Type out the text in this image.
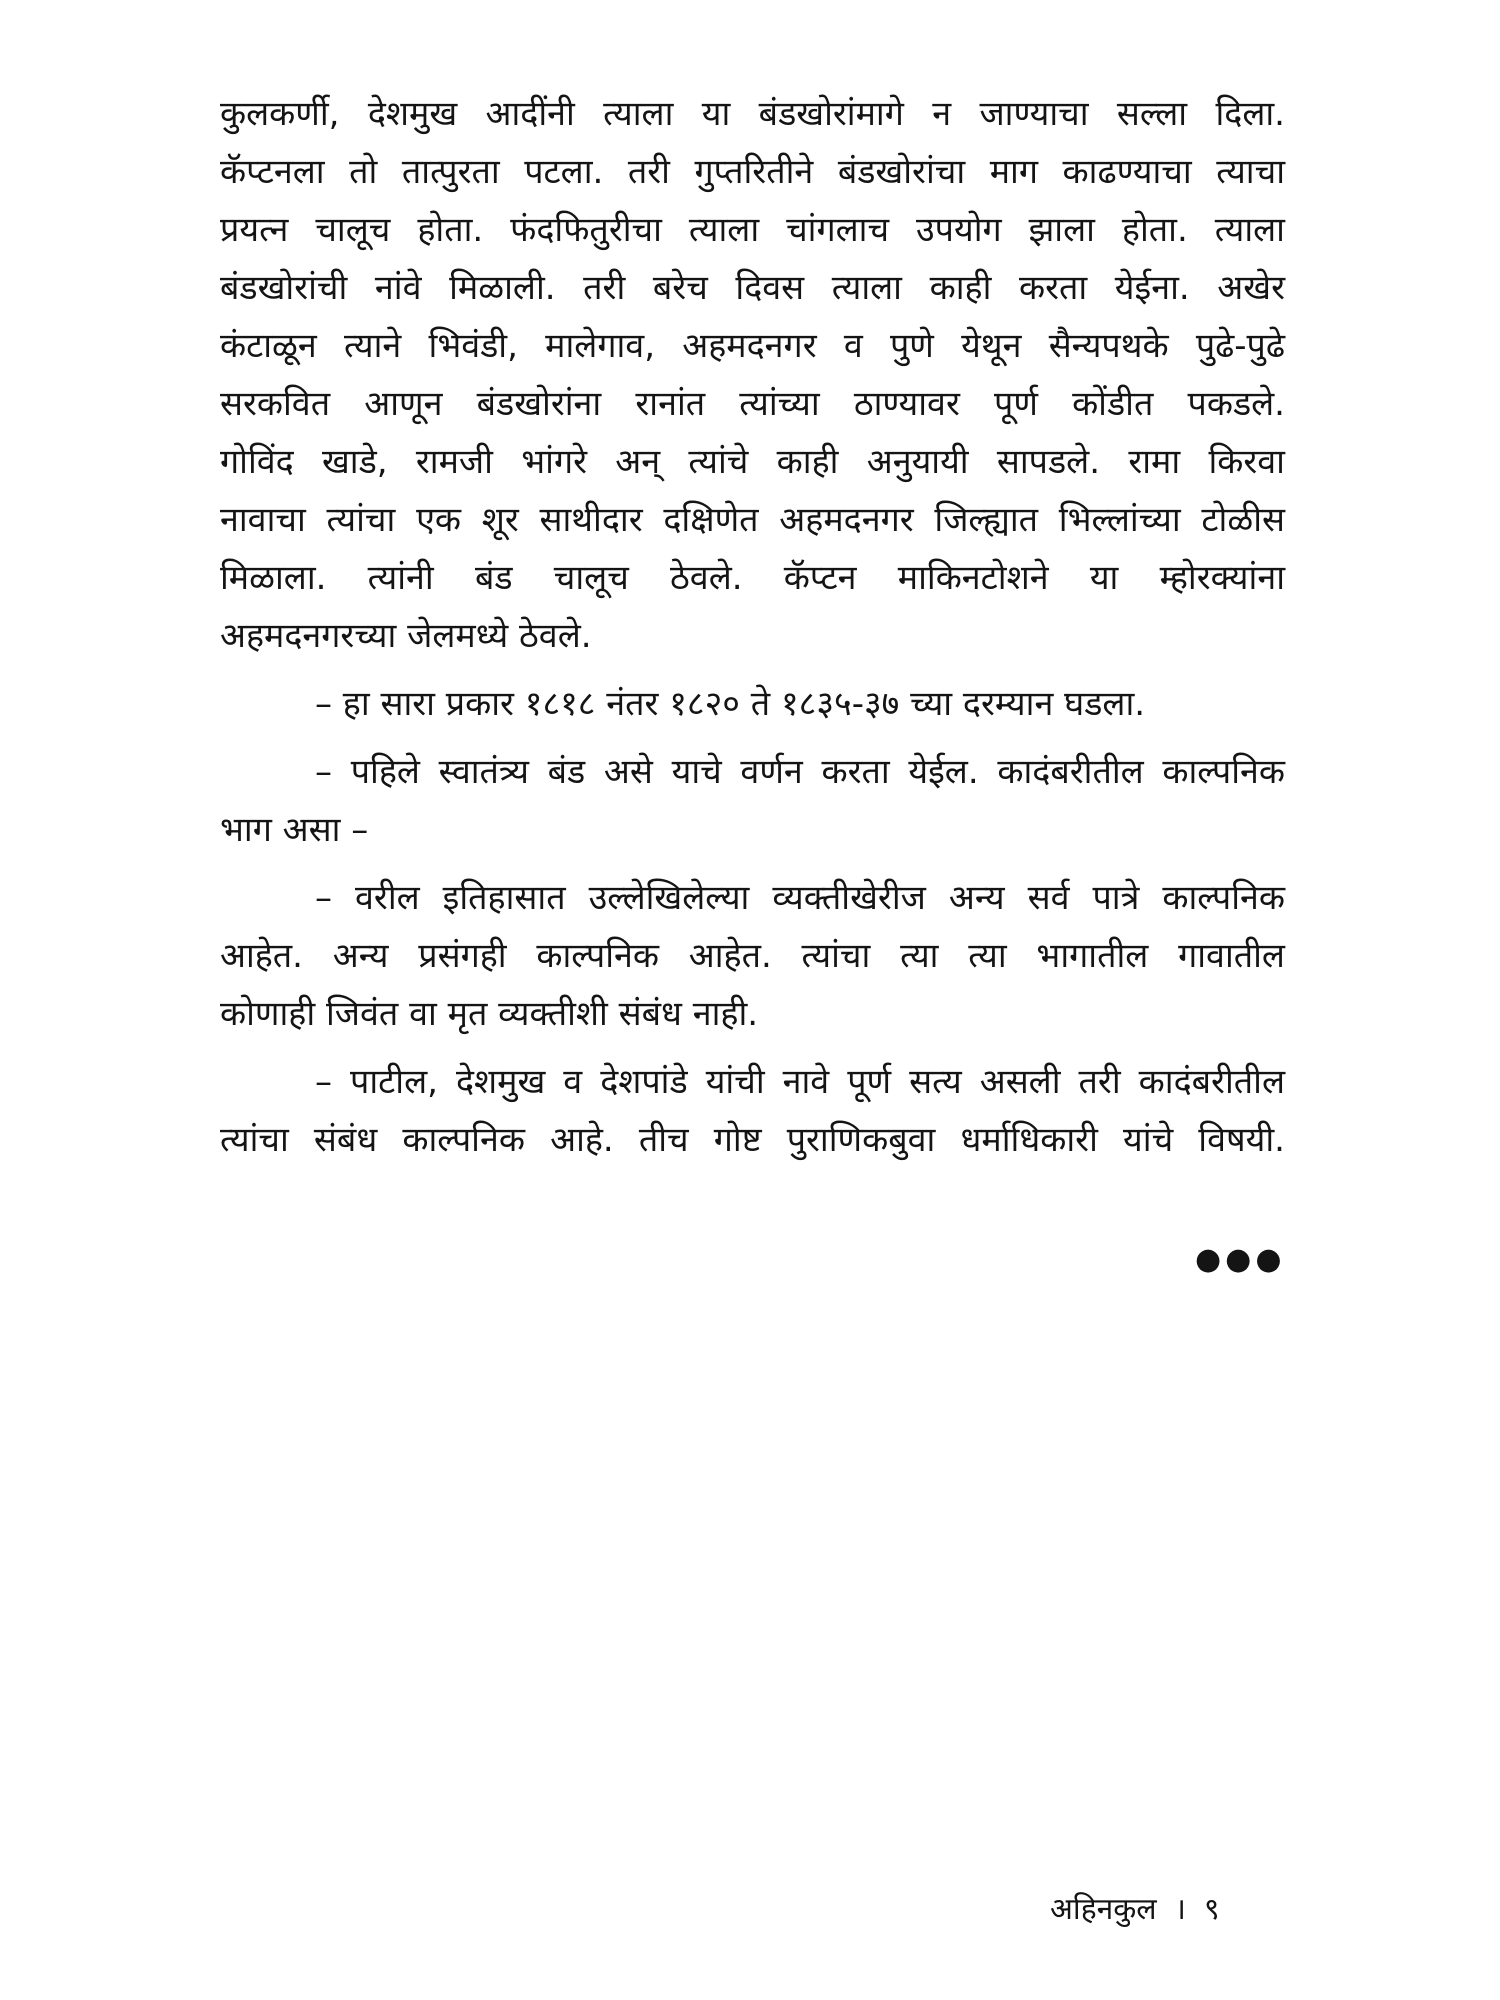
कुलकर्णी, देशमुख आदींनी त्याला या बंडखोरांमागे न जाण्याचा सल्ला दिला.
कॅप्टनला तो तात्पुरता पटला. तरी गुप्तरितीने बंडखोरांचा माग काढण्याचा त्याचा
प्रयत्न चालूच होता. फंदफितुरीचा त्याला चांगलाच उपयोग झाला होता. त्याला
बंडखोरांची नांवे मिळाली. तरी बरेच दिवस त्याला काही करता येईना. अखेर
कंटाळून त्याने भिवंडी, मालेगाव, अहमदनगर व पुणे येथून सैन्यपथके पुढे-पुढे
सरकवित आणून बंडखोरांना रानांत त्यांच्या ठाण्यावर पूर्ण कोंडीत पकडले.
गोविंद खाडे, रामजी भांगरे अन् त्यांचे काही अनुयायी सापडले. रामा किरवा
नावाचा त्यांचा एक शूर साथीदार दक्षिणेत अहमदनगर जिल्ह्यात भिल्लांच्या टोळीस
मिळाला. त्यांनी बंड चालूच ठेवले. कॅप्टन माकिनटोशने या म्होरक्यांना
अहमदनगरच्या जेलमध्ये ठेवले.
– हा सारा प्रकार १८१८ नंतर १८२० ते १८३५-३७ च्या दरम्यान घडला.
– पहिले स्वातंत्र्य बंड असे याचे वर्णन करता येईल. कादंबरीतील काल्पनिक
भाग असा –
– वरील इतिहासात उल्लेखिलेल्या व्यक्तीखेरीज अन्य सर्व पात्रे काल्पनिक
आहेत. अन्य प्रसंगही काल्पनिक आहेत. त्यांचा त्या त्या भागातील गावातील
कोणाही जिवंत वा मृत व्यक्तीशी संबंध नाही.
– पाटील, देशमुख व देशपांडे यांची नावे पूर्ण सत्य असली तरी कादंबरीतील
त्यांचा संबंध काल्पनिक आहे. तीच गोष्ट पुराणिकबुवा धर्माधिकारी यांचे विषयी.
●●●
अहिनकुल । ९
